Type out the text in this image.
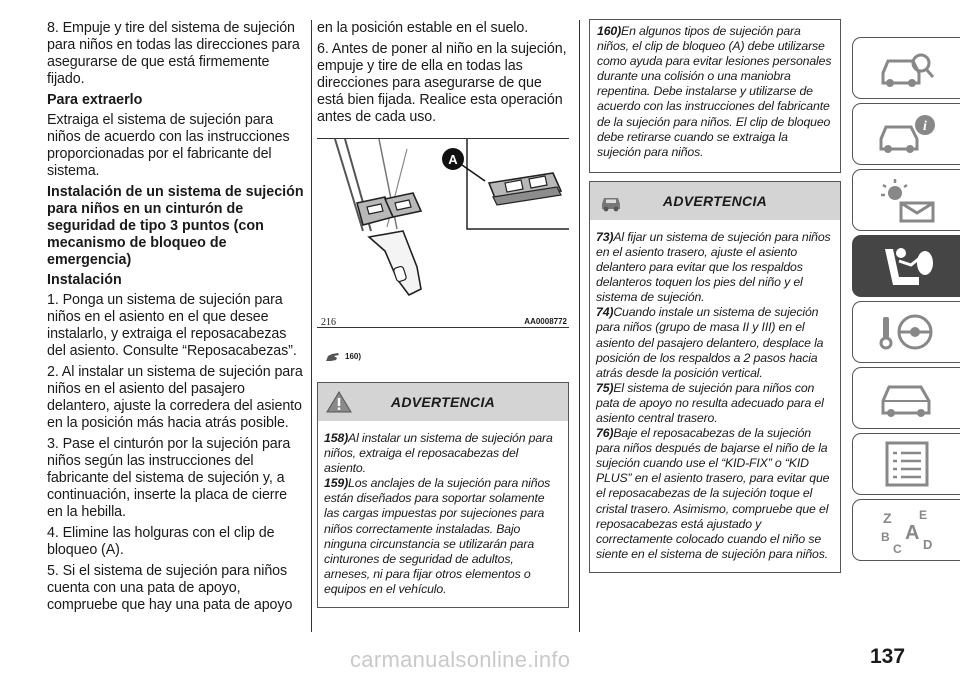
8. Empuje y tire del sistema de sujeción para niños en todas las direcciones para asegurarse de que está firmemente fijado.

Para extraerlo

Extraiga el sistema de sujeción para niños de acuerdo con las instrucciones proporcionadas por el fabricante del sistema.

Instalación de un sistema de sujeción para niños en un cinturón de seguridad de tipo 3 puntos (con mecanismo de bloqueo de emergencia)
Instalación

1. Ponga un sistema de sujeción para niños en el asiento en el que desee instalarlo, y extraiga el reposacabezas del asiento. Consulte “Reposacabezas”.

2. Al instalar un sistema de sujeción para niños en el asiento del pasajero delantero, ajuste la corredera del asiento en la posición más hacia atrás posible.

3. Pase el cinturón por la sujeción para niños según las instrucciones del fabricante del sistema de sujeción y, a continuación, inserte la placa de cierre en la hebilla.

4. Elimine las holguras con el clip de bloqueo (A).

5. Si el sistema de sujeción para niños cuenta con una pata de apoyo, compruebe que hay una pata de apoyo

en la posición estable en el suelo.

6. Antes de poner al niño en la sujeción, empuje y tire de ella en todas las direcciones para asegurarse de que está bien fijada. Realice esta operación antes de cada uso.

A
216	AA0008772
160)
ADVERTENCIA

158)Al instalar un sistema de sujeción para niños, extraiga el reposacabezas del asiento.

159)Los anclajes de la sujeción para niños están diseñados para soportar solamente las cargas impuestas por sujeciones para niños correctamente instaladas. Bajo ninguna circunstancia se utilizarán para cinturones de seguridad de adultos, arneses, ni para fijar otros elementos o equipos en el vehículo.

160)En algunos tipos de sujeción para niños, el clip de bloqueo (A) debe utilizarse como ayuda para evitar lesiones personales durante una colisión o una maniobra repentina. Debe instalarse y utilizarse de acuerdo con las instrucciones del fabricante de la sujeción para niños. El clip de bloqueo debe retirarse cuando se extraiga la sujeción para niños.

ADVERTENCIA

73)Al fijar un sistema de sujeción para niños en el asiento trasero, ajuste el asiento delantero para evitar que los respaldos delanteros toquen los pies del niño y el sistema de sujeción.

74)Cuando instale un sistema de sujeción para niños (grupo de masa II y III) en el asiento del pasajero delantero, desplace la posición de los respaldos a 2 pasos hacia atrás desde la posición vertical.

75)El sistema de sujeción para niños con pata de apoyo no resulta adecuado para el asiento central trasero.

76)Baje el reposacabezas de la sujeción para niños después de bajarse el niño de la sujeción cuando use el “KID-FIX” o “KID PLUS” en el asiento trasero, para evitar que el reposacabezas de la sujeción toque el cristal trasero. Asimismo, compruebe que el reposacabezas está ajustado y correctamente colocado cuando el niño se siente en el sistema de sujeción para niños.

i
Z E
A
B
C D
137
carmanualsonline.info
